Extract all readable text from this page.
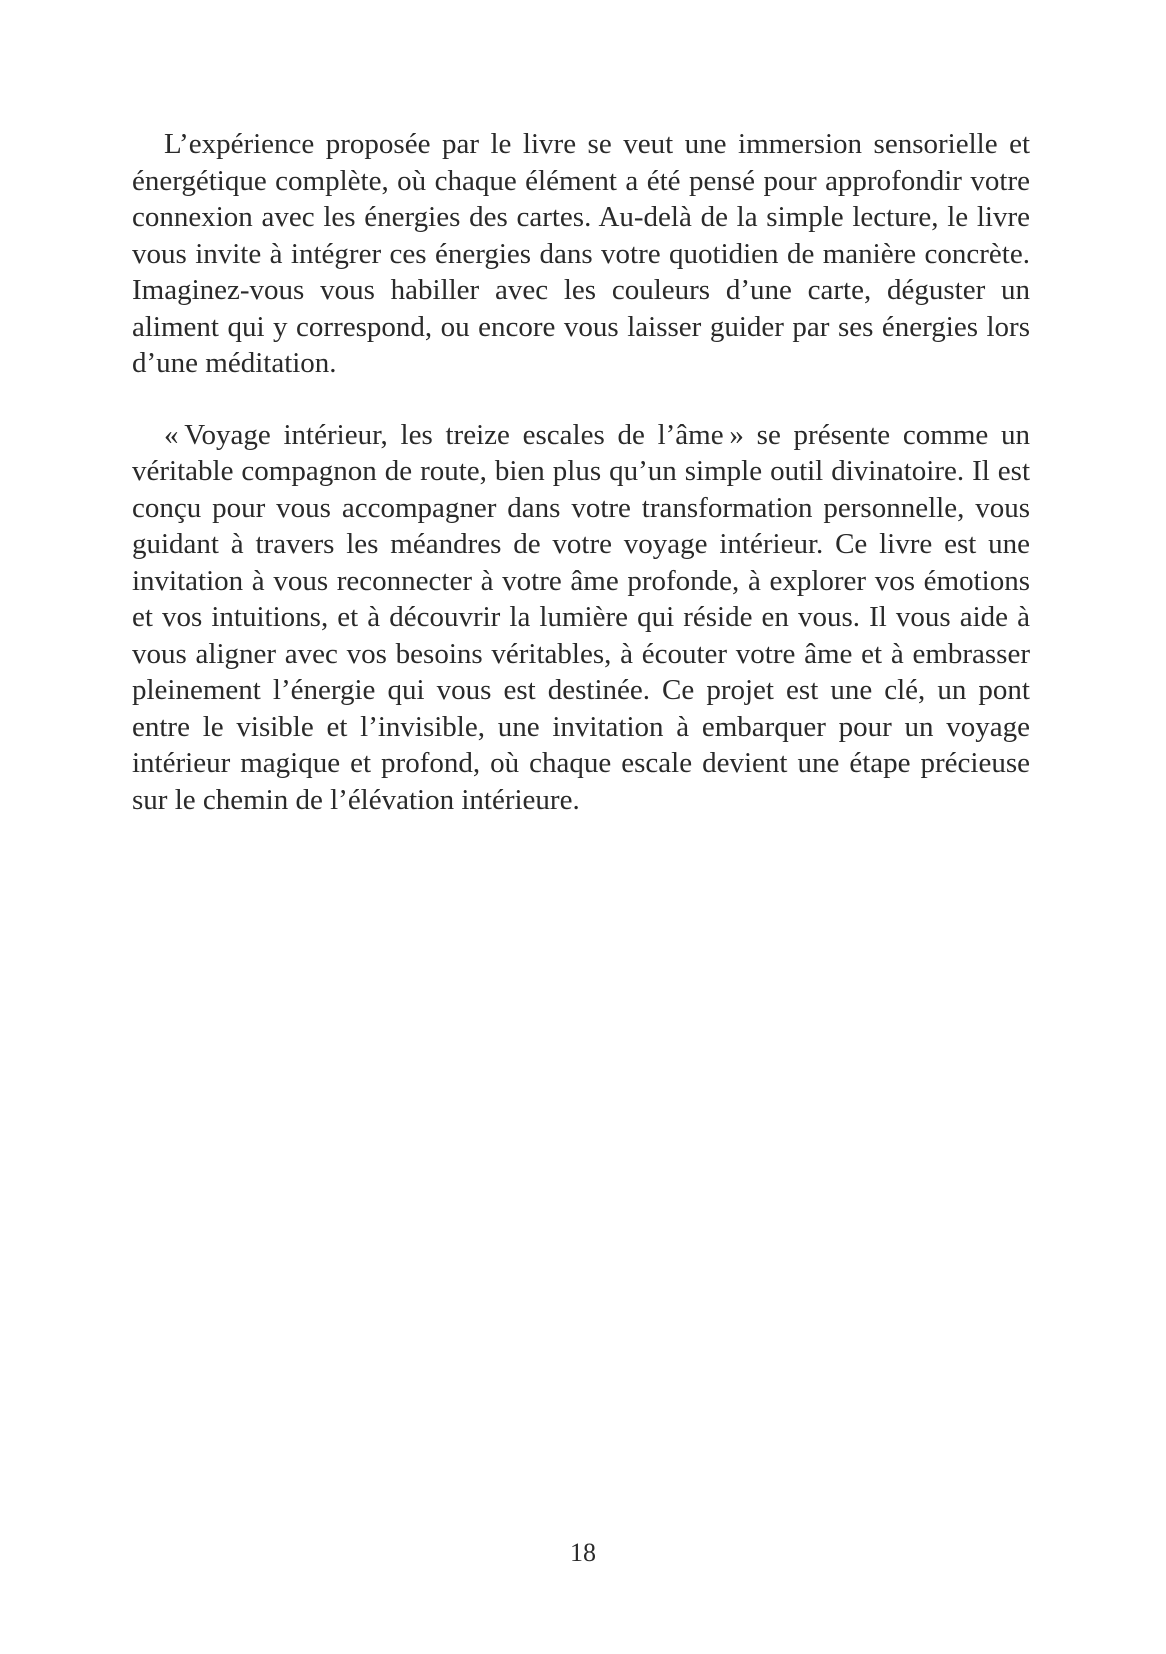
L’expérience proposée par le livre se veut une immersion sensorielle et énergétique complète, où chaque élément a été pensé pour approfondir votre connexion avec les énergies des cartes. Au-delà de la simple lecture, le livre vous invite à intégrer ces énergies dans votre quotidien de manière concrète. Imaginez-vous vous habiller avec les couleurs d’une carte, déguster un aliment qui y correspond, ou encore vous laisser guider par ses énergies lors d’une méditation.

« Voyage intérieur, les treize escales de l’âme » se présente comme un véritable compagnon de route, bien plus qu’un simple outil divinatoire. Il est conçu pour vous accompagner dans votre transformation personnelle, vous guidant à travers les méandres de votre voyage intérieur. Ce livre est une invitation à vous reconnecter à votre âme profonde, à explorer vos émotions et vos intuitions, et à découvrir la lumière qui réside en vous. Il vous aide à vous aligner avec vos besoins véritables, à écouter votre âme et à embrasser pleinement l’énergie qui vous est destinée. Ce projet est une clé, un pont entre le visible et l’invisible, une invitation à embarquer pour un voyage intérieur magique et profond, où chaque escale devient une étape précieuse sur le chemin de l’élévation intérieure.

18
